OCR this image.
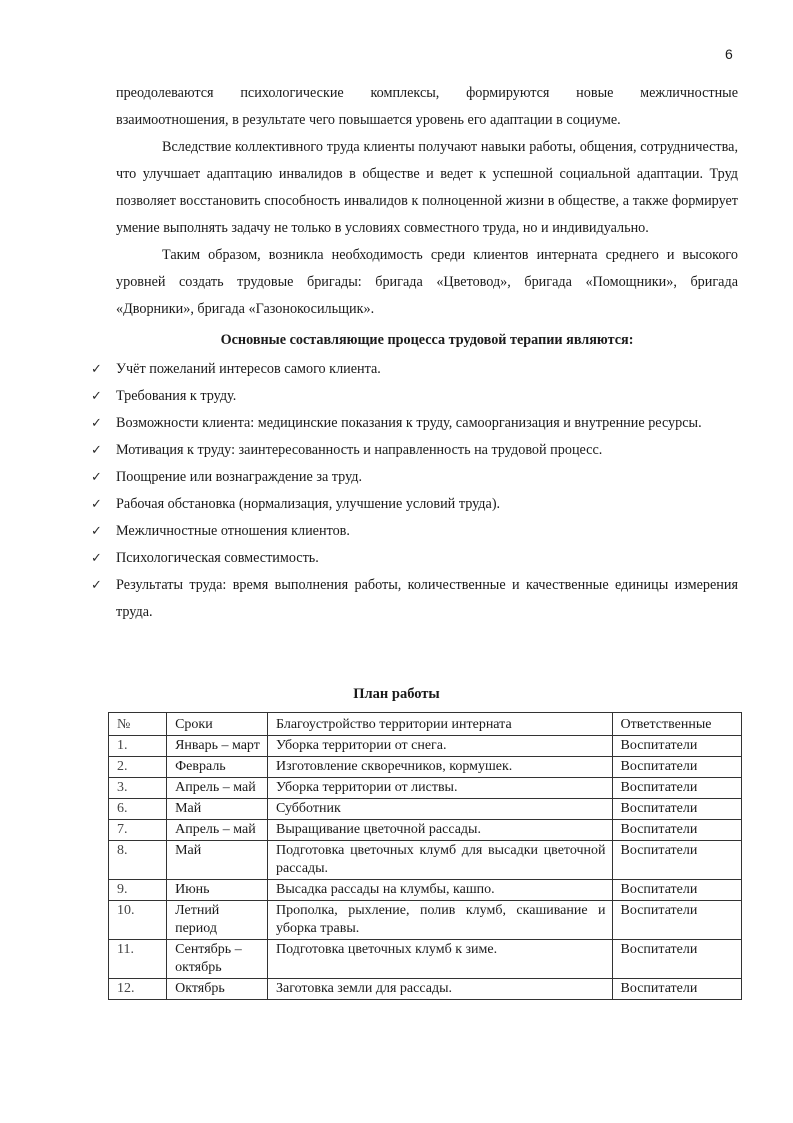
6

преодолеваются психологические комплексы, формируются новые межличностные взаимоотношения, в результате чего повышается уровень его адаптации в социуме.

Вследствие коллективного труда клиенты получают навыки работы, общения, сотрудничества, что улучшает адаптацию инвалидов в обществе и ведет к успешной социальной адаптации. Труд позволяет восстановить способность инвалидов к полноценной жизни в обществе, а также формирует умение выполнять задачу не только в условиях совместного труда, но и индивидуально.

Таким образом, возникла необходимость среди клиентов интерната среднего и высокого уровней создать трудовые бригады: бригада «Цветовод», бригада «Помощники», бригада «Дворники», бригада «Газонокосильщик».

Основные составляющие процесса трудовой терапии являются:
✓ Учёт пожеланий интересов самого клиента.
✓ Требования к труду.
✓ Возможности клиента: медицинские показания к труду, самоорганизация и внутренние ресурсы.
✓ Мотивация к труду: заинтересованность и направленность на трудовой процесс.
✓ Поощрение или вознаграждение за труд.
✓ Рабочая обстановка (нормализация, улучшение условий труда).
✓ Межличностные отношения клиентов.
✓ Психологическая совместимость.
✓ Результаты труда: время выполнения работы, количественные и качественные единицы измерения труда.
План работы
№	Сроки	Благоустройство территории интерната	Ответственные
1.	Январь – март	Уборка территории от снега.	Воспитатели
2.	Февраль	Изготовление скворечников, кормушек.	Воспитатели
3.	Апрель – май	Уборка территории от листвы.	Воспитатели
6.	Май	Субботник	Воспитатели
7.	Апрель – май	Выращивание цветочной рассады.	Воспитатели
8.	Май	Подготовка цветочных клумб для высадки цветочной рассады.	Воспитатели
9.	Июнь	Высадка рассады на клумбы, кашпо.	Воспитатели
10.	Летний период	Прополка, рыхление, полив клумб, скашивание и уборка травы.	Воспитатели
11.	Сентябрь – октябрь	Подготовка цветочных клумб к зиме.	Воспитатели
12.	Октябрь	Заготовка земли для рассады.	Воспитатели
